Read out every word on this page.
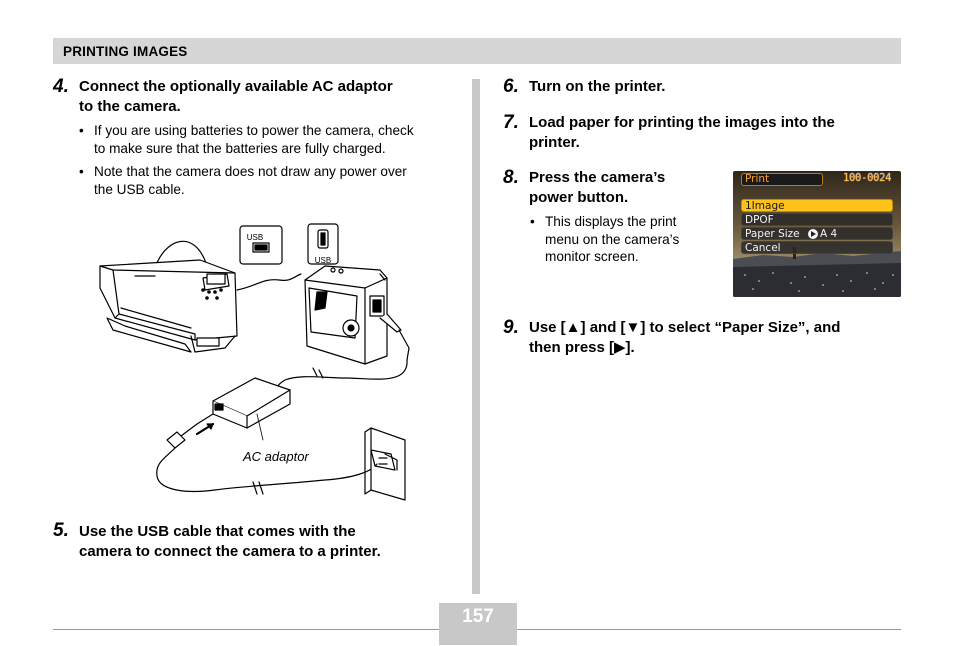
PRINTING IMAGES
4. Connect the optionally available AC adaptor
to the camera.
• If you are using batteries to power the camera, check
to make sure that the batteries are fully charged.
• Note that the camera does not draw any power over
the USB cable.
USB
USB
AC adaptor
5. Use the USB cable that comes with the
camera to connect the camera to a printer.
6. Turn on the printer.
7. Load paper for printing the images into the
printer.
8. Press the camera’s
power button.
• This displays the print
menu on the camera’s
monitor screen.
Print	100-0024
1Image
DPOF
Paper Size A 4
Cancel
9. Use [▲] and [▼] to select “Paper Size”, and
then press [▶].
157
